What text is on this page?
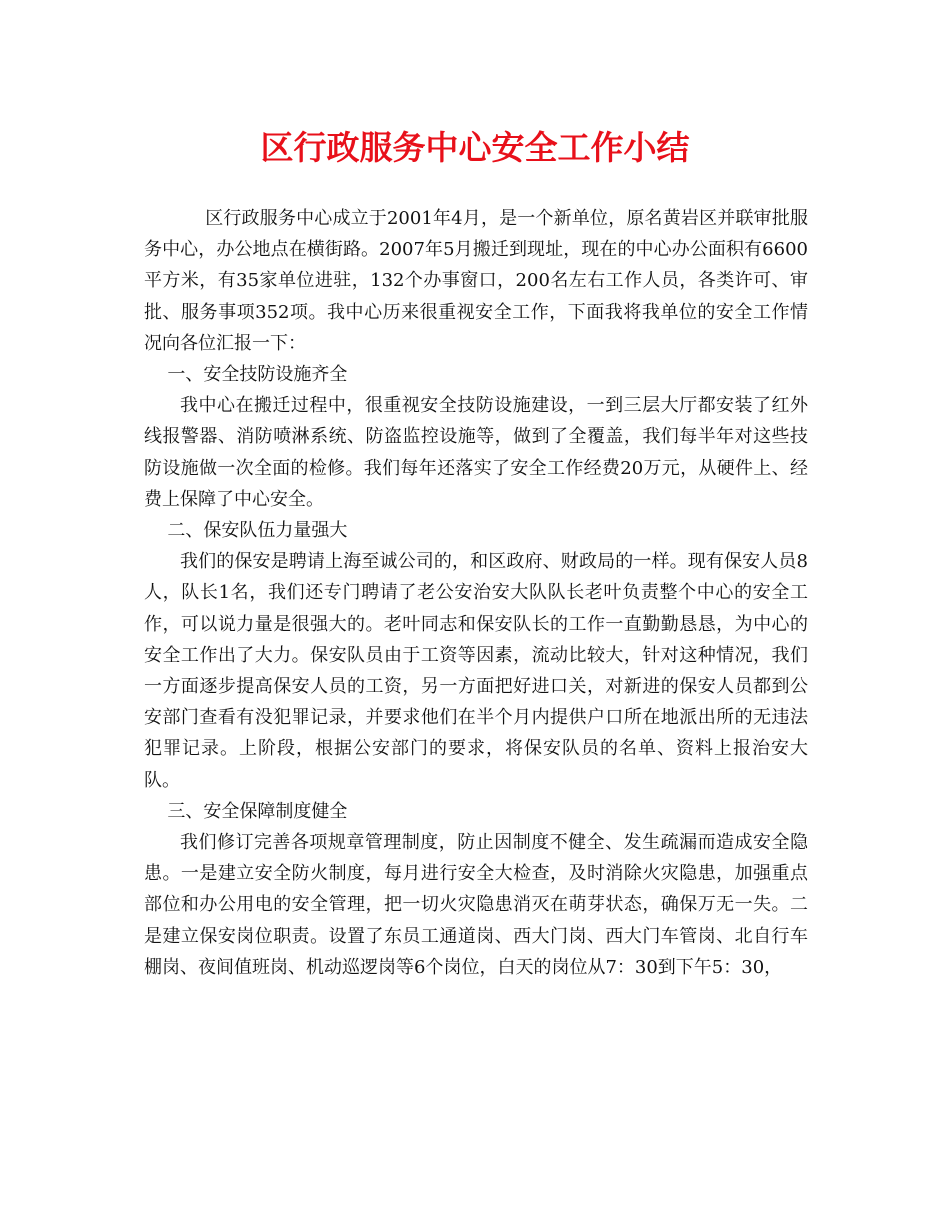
区行政服务中心安全工作小结

区行政服务中心成立于2001年4月，是一个新单位，原名黄岩区并联审批服务中心，办公地点在横街路。2007年5月搬迁到现址，现在的中心办公面积有6600平方米，有35家单位进驻，132个办事窗口，200名左右工作人员，各类许可、审批、服务事项352项。我中心历来很重视安全工作，下面我将我单位的安全工作情况向各位汇报一下：

一、安全技防设施齐全

我中心在搬迁过程中，很重视安全技防设施建设，一到三层大厅都安装了红外线报警器、消防喷淋系统、防盗监控设施等，做到了全覆盖，我们每半年对这些技防设施做一次全面的检修。我们每年还落实了安全工作经费20万元，从硬件上、经费上保障了中心安全。

二、保安队伍力量强大

我们的保安是聘请上海至诚公司的，和区政府、财政局的一样。现有保安人员8人，队长1名，我们还专门聘请了老公安治安大队队长老叶负责整个中心的安全工作，可以说力量是很强大的。老叶同志和保安队长的工作一直勤勤恳恳，为中心的安全工作出了大力。保安队员由于工资等因素，流动比较大，针对这种情况，我们一方面逐步提高保安人员的工资，另一方面把好进口关，对新进的保安人员都到公安部门查看有没犯罪记录，并要求他们在半个月内提供户口所在地派出所的无违法犯罪记录。上阶段，根据公安部门的要求，将保安队员的名单、资料上报治安大队。

三、安全保障制度健全

我们修订完善各项规章管理制度，防止因制度不健全、发生疏漏而造成安全隐患。一是建立安全防火制度，每月进行安全大检查，及时消除火灾隐患，加强重点部位和办公用电的安全管理，把一切火灾隐患消灭在萌芽状态，确保万无一失。二是建立保安岗位职责。设置了东员工通道岗、西大门岗、西大门车管岗、北自行车棚岗、夜间值班岗、机动巡逻岗等6个岗位，白天的岗位从7：30到下午5：30，
